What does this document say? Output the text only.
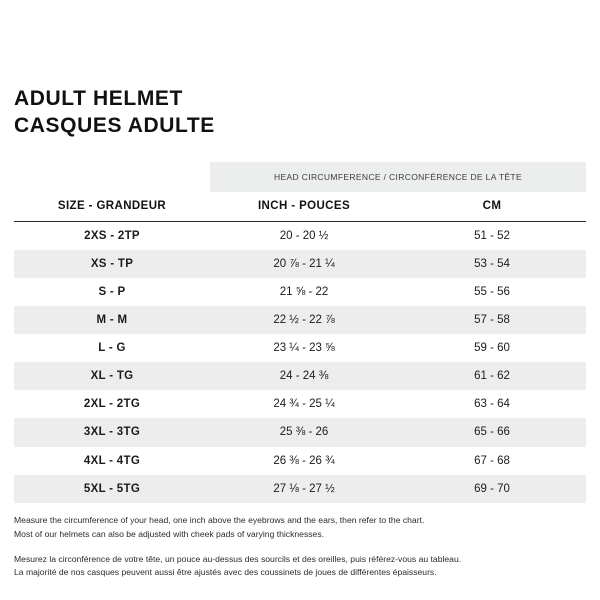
ADULT HELMET
CASQUES ADULTE
	HEAD CIRCUMFERENCE / CIRCONFÉRENCE DE LA TÊTE	
SIZE - GRANDEUR	INCH - POUCES	CM
2XS - 2TP	20 - 20 ½	51 - 52
XS - TP	20 ⅞ - 21 ¼	53 - 54
S - P	21 ⅝ - 22	55 - 56
M - M	22 ½ - 22 ⅞	57 - 58
L - G	23 ¼ - 23 ⅝	59 - 60
XL - TG	24 - 24 ⅜	61 - 62
2XL - 2TG	24 ¾ - 25 ¼	63 - 64
3XL - 3TG	25 ⅜ - 26	65 - 66
4XL - 4TG	26 ⅜ - 26 ¾	67 - 68
5XL - 5TG	27 ⅛ - 27 ½	69 - 70

Measure the circumference of your head, one inch above the eyebrows and the ears, then refer to the chart.

Most of our helmets can also be adjusted with cheek pads of varying thicknesses.

Mesurez la circonférence de votre tête, un pouce au-dessus des sourcils et des oreilles, puis référez-vous au tableau.

La majorité de nos casques peuvent aussi être ajustés avec des coussinets de joues de différentes épaisseurs.
